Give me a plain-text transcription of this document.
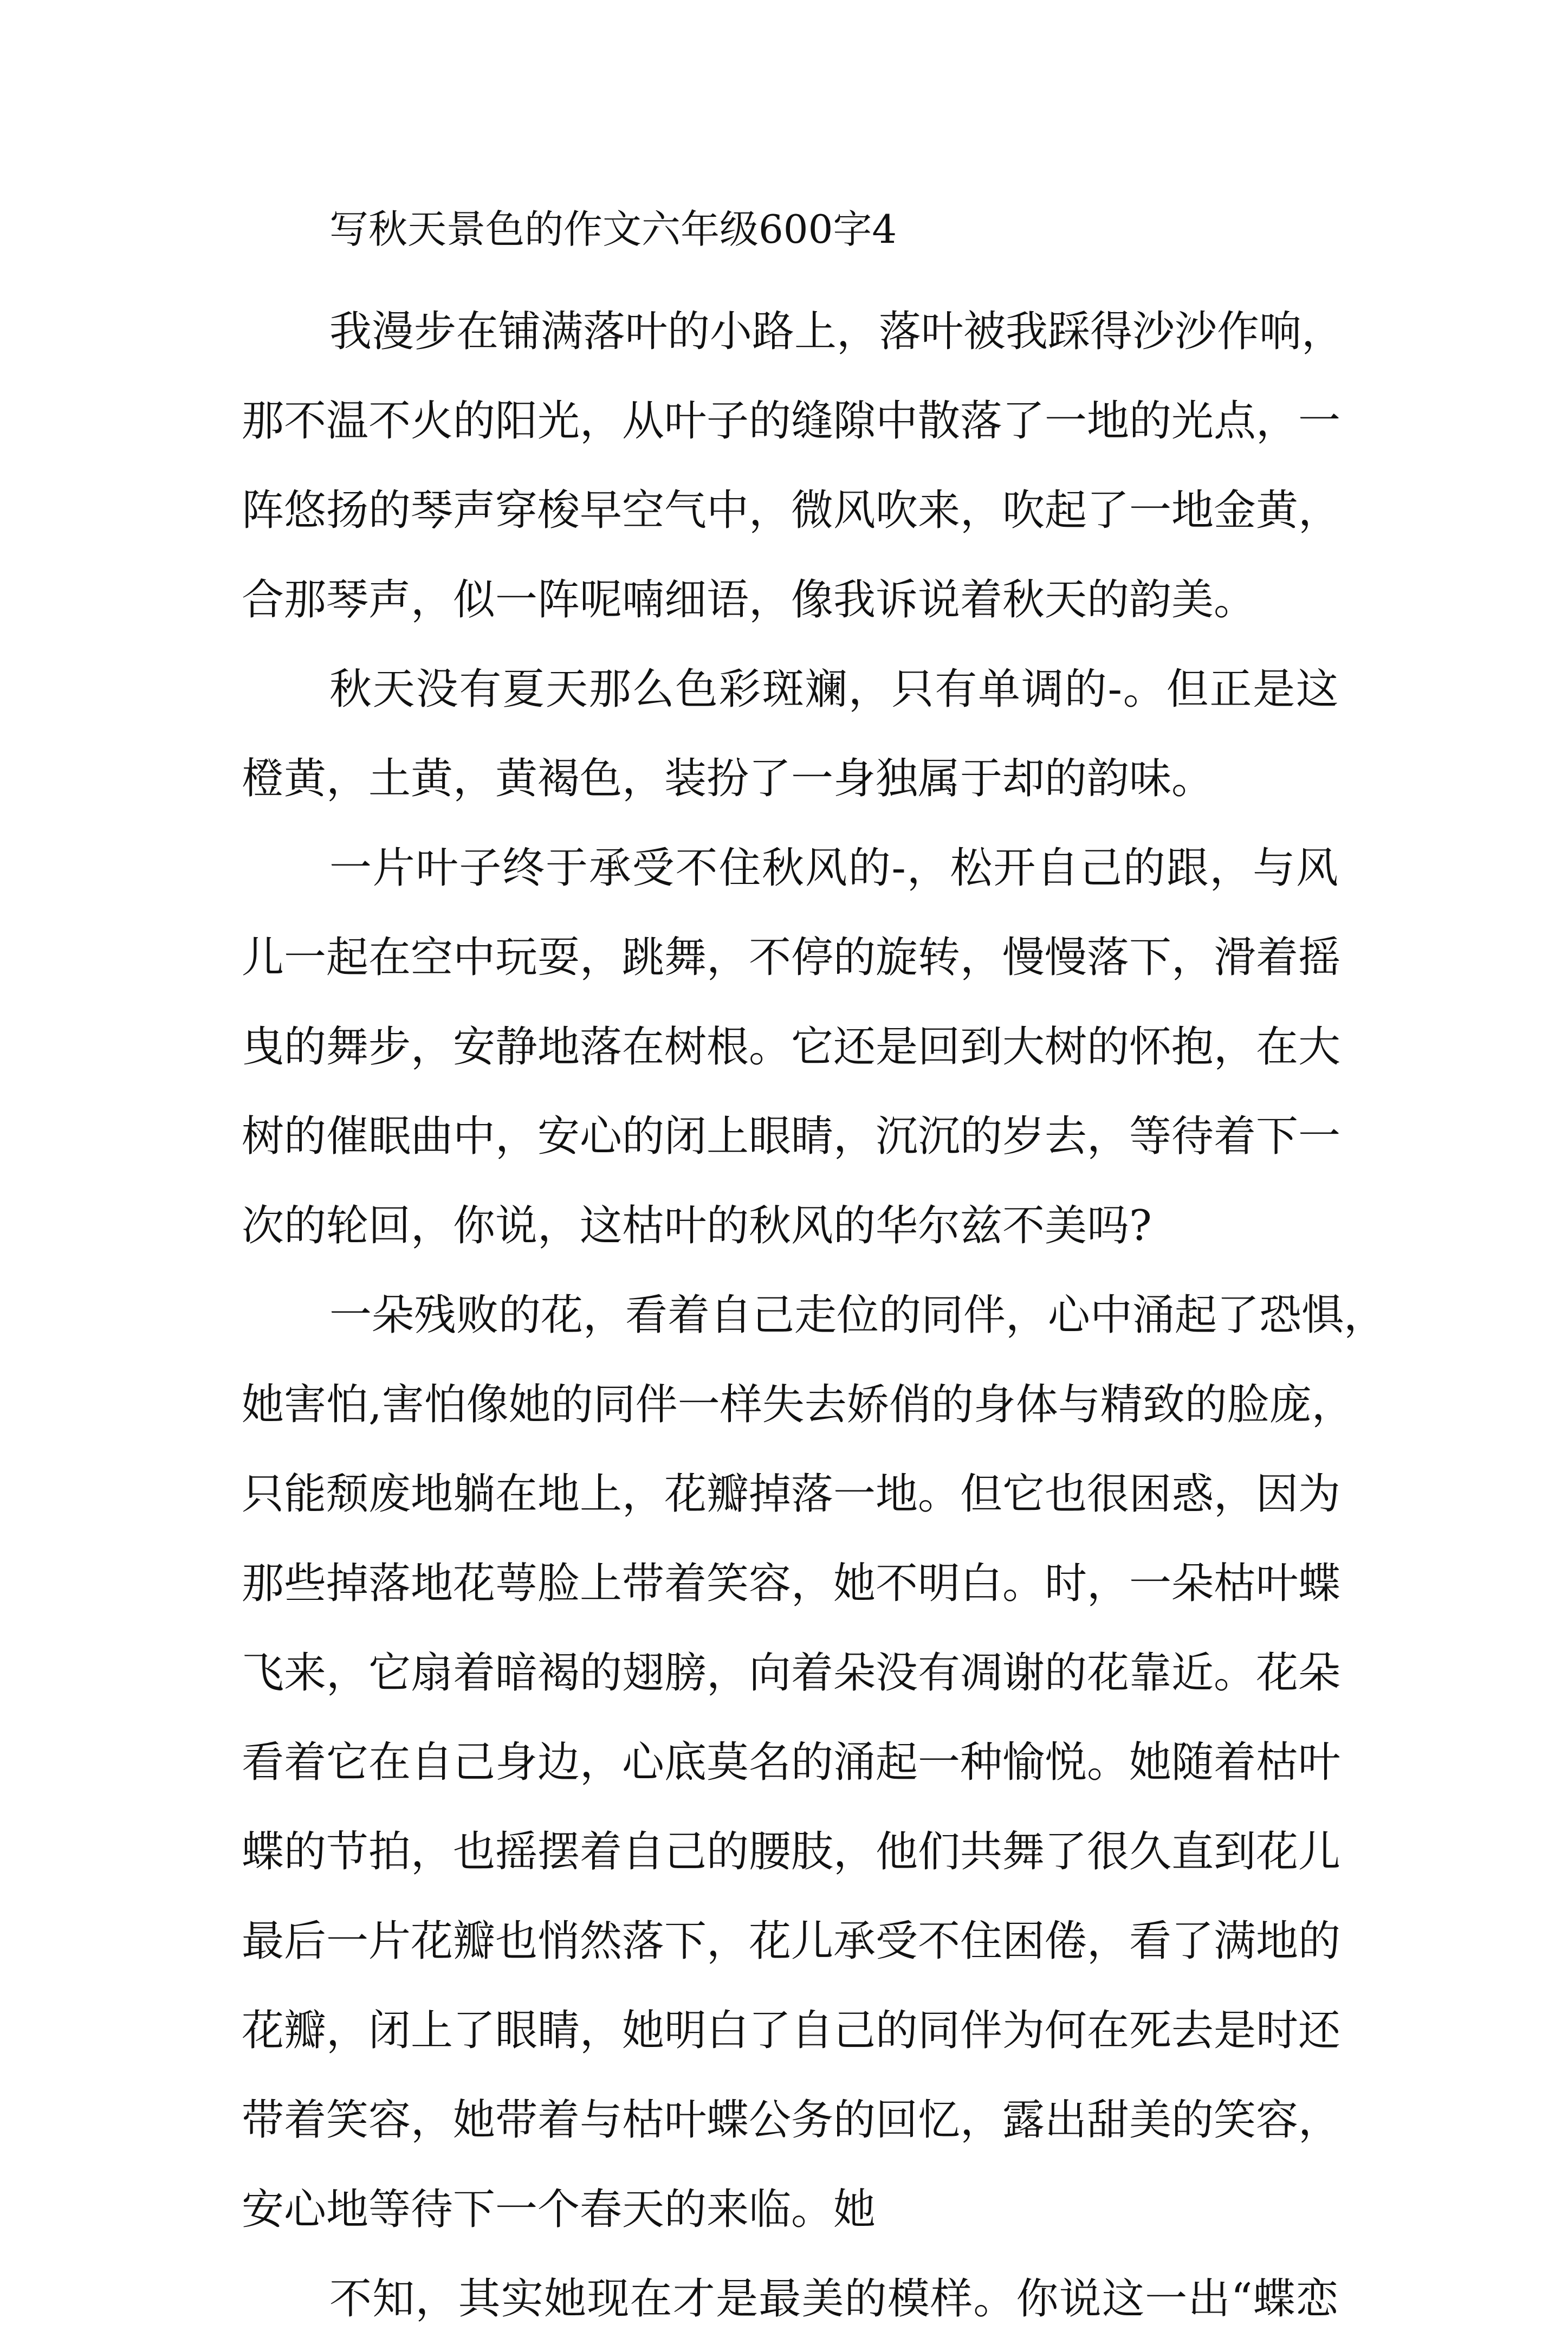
写秋天景色的作文六年级600字4
我漫步在铺满落叶的小路上，落叶被我踩得沙沙作响，
那不温不火的阳光，从叶子的缝隙中散落了一地的光点，一
阵悠扬的琴声穿梭早空气中，微风吹来，吹起了一地金黄，
合那琴声，似一阵呢喃细语，像我诉说着秋天的韵美。
秋天没有夏天那么色彩斑斓，只有单调的-。但正是这
橙黄，土黄，黄褐色，装扮了一身独属于却的韵味。
一片叶子终于承受不住秋风的-，松开自己的跟，与风
儿一起在空中玩耍，跳舞，不停的旋转，慢慢落下，滑着摇
曳的舞步，安静地落在树根。它还是回到大树的怀抱，在大
树的催眠曲中，安心的闭上眼睛，沉沉的岁去，等待着下一
次的轮回，你说，这枯叶的秋风的华尔兹不美吗?
一朵残败的花，看着自己走位的同伴，心中涌起了恐惧，
她害怕,害怕像她的同伴一样失去娇俏的身体与精致的脸庞，
只能颓废地躺在地上，花瓣掉落一地。但它也很困惑，因为
那些掉落地花萼脸上带着笑容，她不明白。时，一朵枯叶蝶
飞来，它扇着暗褐的翅膀，向着朵没有凋谢的花靠近。花朵
看着它在自己身边，心底莫名的涌起一种愉悦。她随着枯叶
蝶的节拍，也摇摆着自己的腰肢，他们共舞了很久直到花儿
最后一片花瓣也悄然落下，花儿承受不住困倦，看了满地的
花瓣，闭上了眼睛，她明白了自己的同伴为何在死去是时还
带着笑容，她带着与枯叶蝶公务的回忆，露出甜美的笑容，
安心地等待下一个春天的来临。她
不知，其实她现在才是最美的模样。你说这一出“蝶恋
